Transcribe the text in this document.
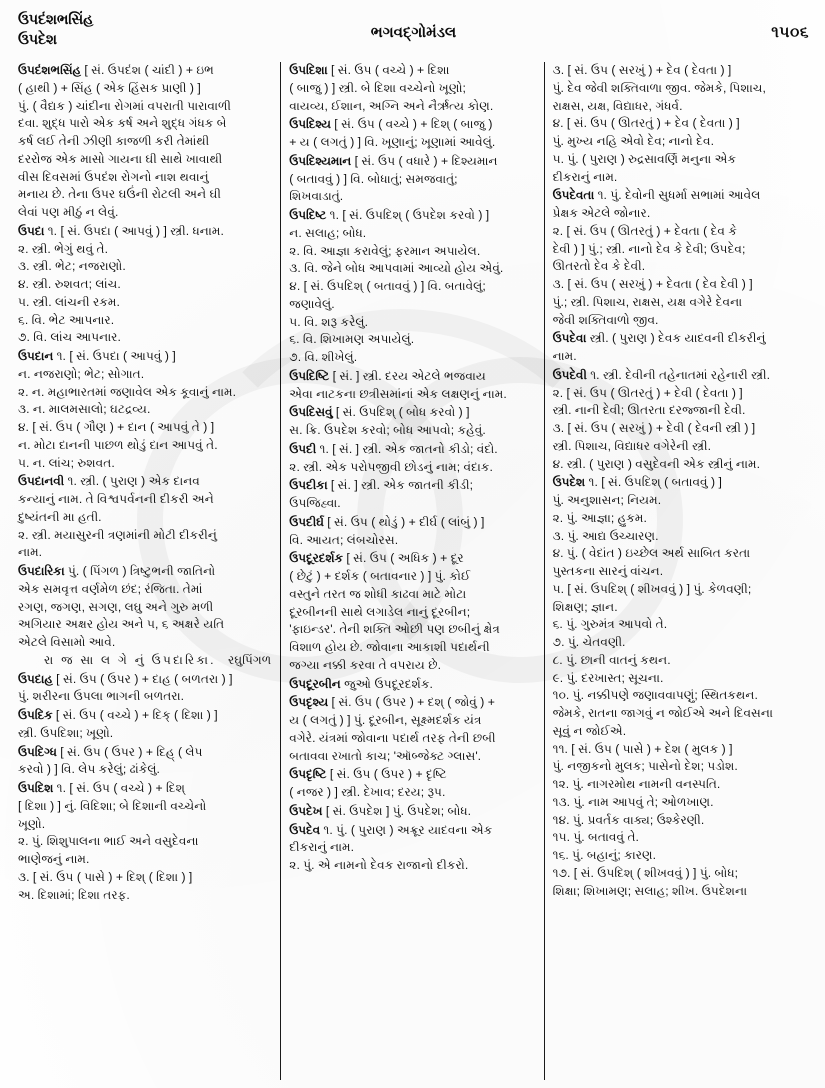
ઉપદંશભસિંહ
ઉપદેશ	ભગવદ્ગોમંડલ	૧૫૦૬

ઉપદંશભસિંહ [ સં. ઉપદંશ ( ચાંદી ) + ઇભ

( હાથી ) + સિંહ ( એક હિંસક પ્રાણી ) ]

પું. ( વૈદ્યક ) ચાંદીના રોગમાં વપરાતી પારાવાળી

દવા. શુદ્ધ પારો એક કર્ષ અને શુદ્ધ ગંધક બે

કર્ષ લઈ તેની ઝીણી કાજળી કરી તેમાંથી

દરરોજ એક માસો ગાયના ઘી સાથે ખાવાથી

વીસ દિવસમાં ઉપદંશ રોગનો નાશ થવાનું

મનાય છે. તેના ઉપર ઘઉંની રોટલી અને ઘી

લેવાં પણ મીઠું ન લેવું.

ઉપદા ૧. [ સં. ઉપદા ( આપવું ) ] સ્ત્રી. ધનામ.

૨. સ્ત્રી. ભેગું થવું તે.

૩. સ્ત્રી. ભેટ; નજરાણો.

૪. સ્ત્રી. રુશવત; લાંચ.

૫. સ્ત્રી. લાંચની રકમ.

૬. વિ. ભેટ આપનાર.

૭. વિ. લાંચ આપનાર.

ઉપદાન ૧. [ સં. ઉપદા ( આપવું ) ]

ન. નજરાણો; ભેટ; સોગાત.

૨. ન. મહાભારતમાં જણાવેલ એક કૂવાનું નામ.

૩. ન. માલમસાલો; ઘટદ્રવ્ય.

૪. [ સં. ઉપ ( ગૌણ ) + દાન ( આપવું તે ) ]

ન. મોટા દાનની પાછળ થોડું દાન આપવું તે.

૫. ન. લાંચ; રુશવત.

ઉપદાનવી ૧. સ્ત્રી. ( પુરાણ ) એક દાનવ

કન્યાનું નામ. તે વિશ્વપર્વનની દીકરી અને

દુષ્યંતની મા હતી.

૨. સ્ત્રી. મયાસુરની ત્રણમાંની મોટી દીકરીનું

નામ.

ઉપદારિકા પું. ( પિંગળ ) ત્રિષ્ટુભની જાતિનો

એક સમવૃત્ત વર્ણમેળ છંદ; રંજિતા. તેમાં

રગણ, જગણ, સગણ, લઘુ અને ગુરુ મળી

અગિયાર અક્ષર હોય અને ૫, ૬ અક્ષરે યતિ

એટલે વિસામો આવે.

રઘુપિંગળ
રા જ સા લ ગે નું ઉપદારિકા.

ઉપદાહ [ સં. ઉપ ( ઉપર ) + દાહ ( બળતરા ) ]

પું. શરીરના ઉપલા ભાગની બળતરા.

ઉપદિક [ સં. ઉપ ( વચ્ચે ) + દિક્ ( દિશા ) ]

સ્ત્રી. ઉપદિશા; ખૂણો.

ઉપદિગ્ધ [ સં. ઉપ ( ઉપર ) + દિહ્ ( લેપ

કરવો ) ] વિ. લેપ કરેલું; ઢાંકેલું.

ઉપદિશ ૧. [ સં. ઉપ ( વચ્ચે ) + દિશ્

[ દિશા ) ] નું. વિદિશા; બે દિશાની વચ્ચેનો

ખૂણો.

૨. પું. શિશુપાલના ભાઈ અને વસુદેવના

ભાણેજનું નામ.

૩. [ સં. ઉપ ( પાસે ) + દિશ્ ( દિશા ) ]

અ. દિશામાં; દિશા તરફ.

ઉપદિશા [ સં. ઉપ ( વચ્ચે ) + દિશા

( બાજુ ) ] સ્ત્રી. બે દિશા વચ્ચેનો ખૂણો;

વાયવ્ય, ઈશાન, અગ્નિ અને નૈર્ઋત્ય કોણ.

ઉપદિશ્ય [ સં. ઉપ ( વચ્ચે ) + દિશ્ ( બાજુ )

+ ય ( લગતું ) ] વિ. ખૂણાનું; ખૂણામાં આવેલું.

ઉપદિશ્યમાન [ સં. ઉપ ( વધારે ) + દિશ્યમાન

( બતાવવું ) ] વિ. બોધાતું; સમજવાતું;

શિખવાડાતું.

ઉપદિષ્ટ ૧. [ સં. ઉપદિશ્ ( ઉપદેશ કરવો ) ]

ન. સલાહ; બોધ.

૨. વિ. આજ્ઞા કરાવેલું; ફરમાન અપાયેલ.

૩. વિ. જેને બોધ આપવામાં આવ્યો હોય એવું.

૪. [ સં. ઉપદિશ્ ( બતાવવું ) ] વિ. બતાવેલું;

જણાવેલું.

૫. વિ. શરૂ કરેલું.

૬. વિ. શિખામણ અપાયેલું.

૭. વિ. શીખેલું.

ઉપદિષ્ટિ [ સં. ] સ્ત્રી. દરય એટલે ભજવાય

એવા નાટકના છત્રીસમાંનાં એક લક્ષણનું નામ.

ઉપદિસવું [ સં. ઉપદિશ્ ( બોધ કરવો ) ]

સ. ક્રિ. ઉપદેશ કરવો; બોધ આપવો; કહેવું.

ઉપદી ૧. [ સં. ] સ્ત્રી. એક જાતનો કીડો; વંદો.

૨. સ્ત્રી. એક પરોપજીવી છોડનું નામ; વંદાક.

ઉપદીકા [ સં. ] સ્ત્રી. એક જાતની કીડી;

ઉપજિહ્વા.

ઉપદીર્ઘ [ સં. ઉપ ( થોડું ) + દીર્ઘ ( લાંબું ) ]

વિ. આયત; લંબચોરસ.

ઉપદૂરદર્શક [ સં. ઉપ ( અધિક ) + દૂર

( છેટું ) + દર્શક ( બતાવનાર ) ] પું. કોઈ

વસ્તુને તરત જ શોધી કાઢવા માટે મોટા

દૂરબીનની સાથે લગાડેલ નાનું દૂરબીન;

'ફાઇન્ડર'. તેની શક્તિ ઓછી પણ છબીનું ક્ષેત્ર

વિશાળ હોય છે. જોવાના આકાશી પદાર્થની

જગ્યા નક્કી કરવા તે વપરાય છે.

ઉપદૂરબીન જુઓ ઉપદૂરદર્શક.

ઉપદૃશ્ય [ સં. ઉપ ( ઉપર ) + દશ્ ( જોવું ) +

ય ( લગતું ) ] પું. દૂરબીન, સૂક્ષ્મદર્શક યંત્ર

વગેરે. યંત્રમાં જોવાના પદાર્થ તરફ તેની છબી

બતાવવા રખાતો કાચ; 'ઑબ્જેક્ટ ગ્લાસ'.

ઉપદૃષ્ટિ [ સં. ઉપ ( ઉપર ) + દૃષ્ટિ

( નજર ) ] સ્ત્રી. દેખાવ; દરય; રૂપ.

ઉપદેખ [ સં. ઉપદેશ ] પું. ઉપદેશ; બોધ.

ઉપદેવ ૧. પું. ( પુરાણ ) અક્રૂર યાદવના એક

દીકરાનું નામ.

૨. પું. એ નામનો દેવક રાજાનો દીકરો.

૩. [ સં. ઉપ ( સરખું ) + દેવ ( દેવતા ) ]

પું. દેવ જેવી શક્તિવાળા જીવ. જેમકે, પિશાચ,

રાક્ષસ, યક્ષ, વિદ્યાધર, ગંધર્વ.

૪. [ સં. ઉપ ( ઊતરતું ) + દેવ ( દેવતા ) ]

પું. મુખ્ય નહિ એવો દેવ; નાનો દેવ.

૫. પું. ( પુરાણ ) રુદ્રસાવર્ણિ મનુના એક

દીકરાનું નામ.

ઉપદેવતા ૧. પું. દેવોની સુધર્મા સભામાં આવેલ

પ્રેક્ષક એટલે જોનાર.

૨. [ સં. ઉપ ( ઊતરતું ) + દેવતા ( દેવ કે

દેવી ) ] પું.; સ્ત્રી. નાનો દેવ કે દેવી; ઉપદેવ;

ઊતરતો દેવ કે દેવી.

૩. [ સં. ઉપ ( સરખું ) + દેવતા ( દેવ દેવી ) ]

પું.; સ્ત્રી. પિશાચ, રાક્ષસ, યક્ષ વગેરે દેવના

જેવી શક્તિવાળો જીવ.

ઉપદેવા સ્ત્રી. ( પુરાણ ) દેવક યાદવની દીકરીનું

નામ.

ઉપદેવી ૧. સ્ત્રી. દેવીની તહેનાતમાં રહેનારી સ્ત્રી.

૨. [ સં. ઉપ ( ઊતરતું ) + દેવી ( દેવતા ) ]

સ્ત્રી. નાની દેવી; ઊતરતા દરજ્જાની દેવી.

૩. [ સં. ઉપ ( સરખું ) + દેવી ( દેવની સ્ત્રી ) ]

સ્ત્રી. પિશાચ, વિદ્યાધર વગેરેની સ્ત્રી.

૪. સ્ત્રી. ( પુરાણ ) વસુદેવની એક સ્ત્રીનું નામ.

ઉપદેશ ૧. [ સં. ઉપદિશ્ ( બતાવવું ) ]

પું. અનુશાસન; નિયમ.

૨. પું. આજ્ઞા; હુકમ.

૩. પું. આદ્ય ઉચ્ચારણ.

૪. પું. ( વેદાંત ) ઇચ્છેલ અર્થ સાબિત કરતા

પુસ્તકના સારનું વાંચન.

૫. [ સં. ઉપદિશ્ ( શીખવવું ) ] પું. કેળવણી;

શિક્ષણ; જ્ઞાન.

૬. પું. ગુરુમંત્ર આપવો તે.

૭. પું. ચેતવણી.

૮. પું. છાની વાતનું કથન.

૯. પું. દરખાસ્ત; સૂચના.

૧૦. પું. નક્કીપણે જણાવવાપણું; સ્થિતકથન.

જેમકે, રાતના જાગવું ન જોઈએ અને દિવસના

સૂવું ન જોઈએ.

૧૧. [ સં. ઉપ ( પાસે ) + દેશ ( મુલક ) ]

પું. નજીકનો મુલક; પાસેનો દેશ; પડોશ.

૧૨. પું. નાગરમોથ નામની વનસ્પતિ.

૧૩. પું. નામ આપવું તે; ઓળખાણ.

૧૪. પું. પ્રવર્તક વાક્ય; ઉશ્કેરણી.

૧૫. પું. બતાવવું તે.

૧૬. પું. બહાનું; કારણ.

૧૭. [ સં. ઉપદિશ્ ( શીખવવું ) ] પું. બોધ;

શિક્ષા; શિખામણ; સલાહ; શીખ. ઉપદેશના
